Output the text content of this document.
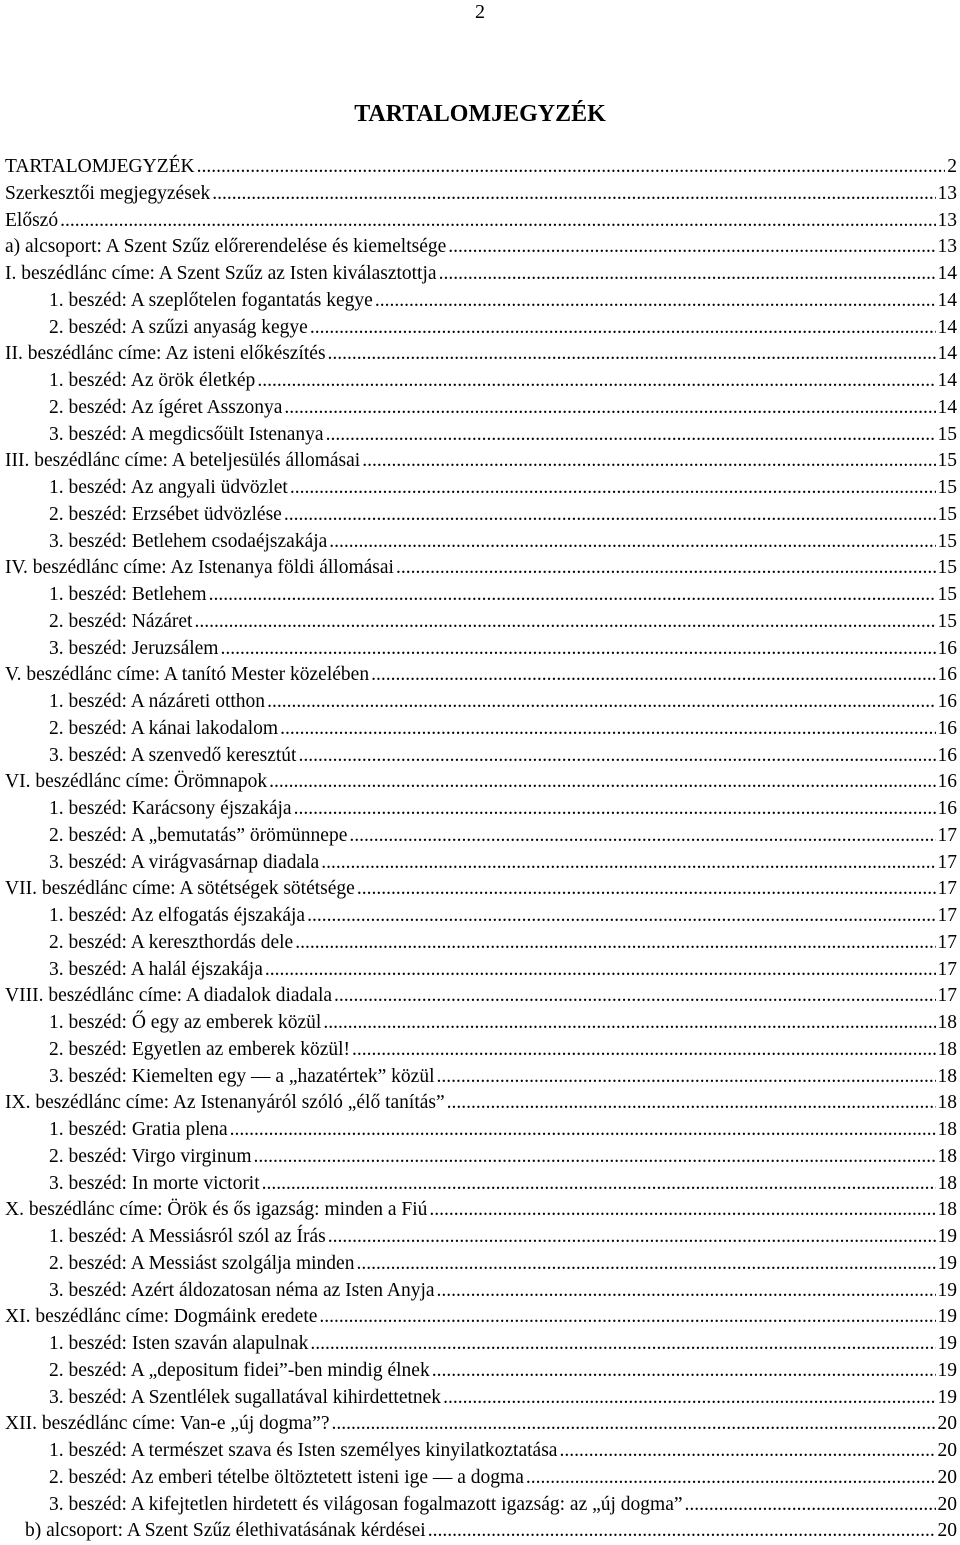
2
TARTALOMJEGYZÉK
TARTALOMJEGYZÉK .....	2
Szerkesztői megjegyzések .....	13
Előszó .....	13
a) alcsoport: A Szent Szűz előrerendelése és kiemeltsége .....	13
I. beszédlánc címe: A Szent Szűz az Isten kiválasztottja .....	14
1. beszéd: A szeplőtelen fogantatás kegye .....	14
2. beszéd: A szűzi anyaság kegye .....	14
II. beszédlánc címe: Az isteni előkészítés .....	14
1. beszéd: Az örök életkép .....	14
2. beszéd: Az ígéret Asszonya .....	14
3. beszéd: A megdicsőült Istenanya .....	15
III. beszédlánc címe: A beteljesülés állomásai .....	15
1. beszéd: Az angyali üdvözlet .....	15
2. beszéd: Erzsébet üdvözlése .....	15
3. beszéd: Betlehem csodaéjszakája .....	15
IV. beszédlánc címe: Az Istenanya földi állomásai .....	15
1. beszéd: Betlehem .....	15
2. beszéd: Názáret .....	15
3. beszéd: Jeruzsálem .....	16
V. beszédlánc címe: A tanító Mester közelében .....	16
1. beszéd: A názáreti otthon .....	16
2. beszéd: A kánai lakodalom .....	16
3. beszéd: A szenvedő keresztút .....	16
VI. beszédlánc címe: Örömnapok .....	16
1. beszéd: Karácsony éjszakája .....	16
2. beszéd: A „bemutatás” örömünnepe .....	17
3. beszéd: A virágvasárnap diadala .....	17
VII. beszédlánc címe: A sötétségek sötétsége .....	17
1. beszéd: Az elfogatás éjszakája .....	17
2. beszéd: A kereszthordás dele .....	17
3. beszéd: A halál éjszakája .....	17
VIII. beszédlánc címe: A diadalok diadala .....	17
1. beszéd: Ő egy az emberek közül .....	18
2. beszéd: Egyetlen az emberek közül! .....	18
3. beszéd: Kiemelten egy — a „hazatértek” közül .....	18
IX. beszédlánc címe: Az Istenanyáról szóló „élő tanítás” .....	18
1. beszéd: Gratia plena .....	18
2. beszéd: Virgo virginum .....	18
3. beszéd: In morte victorit .....	18
X. beszédlánc címe: Örök és ős igazság: minden a Fiú .....	18
1. beszéd: A Messiásról szól az Írás .....	19
2. beszéd: A Messiást szolgálja minden .....	19
3. beszéd: Azért áldozatosan néma az Isten Anyja .....	19
XI. beszédlánc címe: Dogmáink eredete .....	19
1. beszéd: Isten szaván alapulnak .....	19
2. beszéd: A „depositum fidei”-ben mindig élnek .....	19
3. beszéd: A Szentlélek sugallatával kihirdettetnek .....	19
XII. beszédlánc címe: Van-e „új dogma”? .....	20
1. beszéd: A természet szava és Isten személyes kinyilatkoztatása .....	20
2. beszéd: Az emberi tételbe öltöztetett isteni ige — a dogma .....	20
3. beszéd: A kifejtetlen hirdetett és világosan fogalmazott igazság: az „új dogma” .....	20
b) alcsoport: A Szent Szűz élethivatásának kérdései .....	20
